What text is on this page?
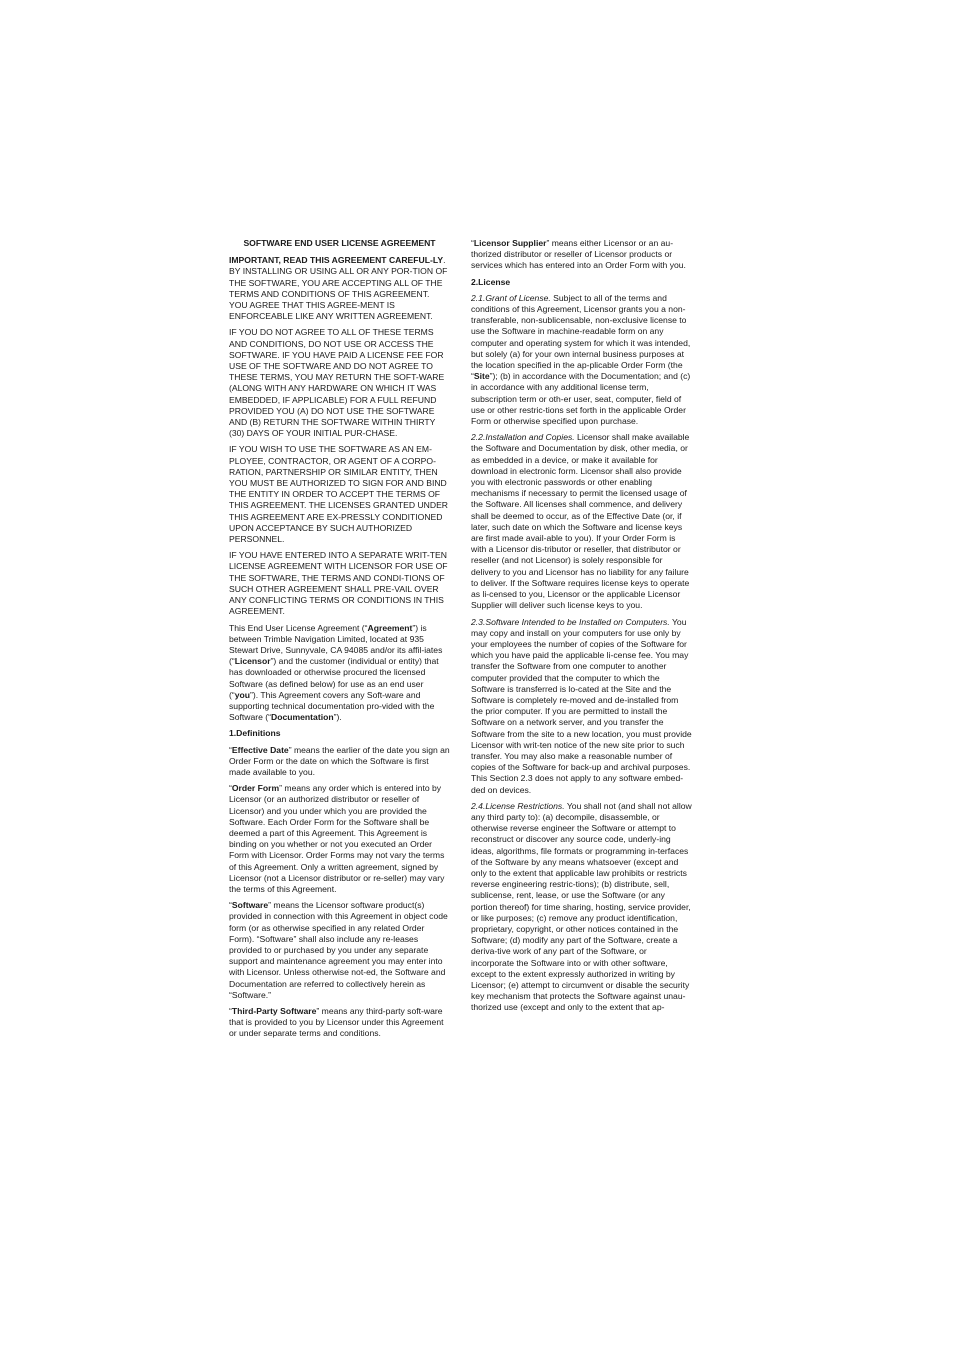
SOFTWARE END USER LICENSE AGREEMENT

IMPORTANT, READ THIS AGREEMENT CAREFUL-LY. BY INSTALLING OR USING ALL OR ANY POR-TION OF THE SOFTWARE, YOU ARE ACCEPTING ALL OF THE TERMS AND CONDITIONS OF THIS AGREEMENT. YOU AGREE THAT THIS AGREE-MENT IS ENFORCEABLE LIKE ANY WRITTEN AGREEMENT.

IF YOU DO NOT AGREE TO ALL OF THESE TERMS AND CONDITIONS, DO NOT USE OR ACCESS THE SOFTWARE. IF YOU HAVE PAID A LICENSE FEE FOR USE OF THE SOFTWARE AND DO NOT AGREE TO THESE TERMS, YOU MAY RETURN THE SOFT-WARE (ALONG WITH ANY HARDWARE ON WHICH IT WAS EMBEDDED, IF APPLICABLE) FOR A FULL REFUND PROVIDED YOU (A) DO NOT USE THE SOFTWARE AND (B) RETURN THE SOFTWARE WITHIN THIRTY (30) DAYS OF YOUR INITIAL PUR-CHASE.

IF YOU WISH TO USE THE SOFTWARE AS AN EM-PLOYEE, CONTRACTOR, OR AGENT OF A CORPO-RATION, PARTNERSHIP OR SIMILAR ENTITY, THEN YOU MUST BE AUTHORIZED TO SIGN FOR AND BIND THE ENTITY IN ORDER TO ACCEPT THE TERMS OF THIS AGREEMENT. THE LICENSES GRANTED UNDER THIS AGREEMENT ARE EX-PRESSLY CONDITIONED UPON ACCEPTANCE BY SUCH AUTHORIZED PERSONNEL.

IF YOU HAVE ENTERED INTO A SEPARATE WRIT-TEN LICENSE AGREEMENT WITH LICENSOR FOR USE OF THE SOFTWARE, THE TERMS AND CONDI-TIONS OF SUCH OTHER AGREEMENT SHALL PRE-VAIL OVER ANY CONFLICTING TERMS OR CONDITIONS IN THIS AGREEMENT.

This End User License Agreement (“Agreement”) is between Trimble Navigation Limited, located at 935 Stewart Drive, Sunnyvale, CA 94085 and/or its affil-iates (“Licensor”) and the customer (individual or entity) that has downloaded or otherwise procured the licensed Software (as defined below) for use as an end user (“you”). This Agreement covers any Soft-ware and supporting technical documentation pro-vided with the Software (“Documentation”).

1.Definitions

“Effective Date” means the earlier of the date you sign an Order Form or the date on which the Software is first made available to you.

“Order Form” means any order which is entered into by Licensor (or an authorized distributor or reseller of Licensor) and you under which you are provided the Software. Each Order Form for the Software shall be deemed a part of this Agreement. This Agreement is binding on you whether or not you executed an Order Form with Licensor. Order Forms may not vary the terms of this Agreement. Only a written agreement, signed by Licensor (not a Licensor distributor or re-seller) may vary the terms of this Agreement.

“Software” means the Licensor software product(s) provided in connection with this Agreement in object code form (or as otherwise specified in any related Order Form). “Software” shall also include any re-leases provided to or purchased by you under any separate support and maintenance agreement you may enter into with Licensor. Unless otherwise not-ed, the Software and Documentation are referred to collectively herein as “Software.”

“Third-Party Software” means any third-party soft-ware that is provided to you by Licensor under this Agreement or under separate terms and conditions.

“Licensor Supplier” means either Licensor or an au-thorized distributor or reseller of Licensor products or services which has entered into an Order Form with you.

2.License

2.1.Grant of License. Subject to all of the terms and conditions of this Agreement, Licensor grants you a non-transferable, non-sublicensable, non-exclusive license to use the Software in machine-readable form on any computer and operating system for which it was intended, but solely (a) for your own internal business purposes at the location specified in the ap-plicable Order Form (the “Site”); (b) in accordance with the Documentation; and (c) in accordance with any additional license term, subscription term or oth-er user, seat, computer, field of use or other restric-tions set forth in the applicable Order Form or otherwise specified upon purchase.

2.2.Installation and Copies. Licensor shall make available the Software and Documentation by disk, other media, or as embedded in a device, or make it available for download in electronic form. Licensor shall also provide you with electronic passwords or other enabling mechanisms if necessary to permit the licensed usage of the Software. All licenses shall commence, and delivery shall be deemed to occur, as of the Effective Date (or, if later, such date on which the Software and license keys are first made avail-able to you). If your Order Form is with a Licensor dis-tributor or reseller, that distributor or reseller (and not Licensor) is solely responsible for delivery to you and Licensor has no liability for any failure to deliver. If the Software requires license keys to operate as li-censed to you, Licensor or the applicable Licensor Supplier will deliver such license keys to you.

2.3.Software Intended to be Installed on Computers. You may copy and install on your computers for use only by your employees the number of copies of the Software for which you have paid the applicable li-cense fee. You may transfer the Software from one computer to another computer provided that the computer to which the Software is transferred is lo-cated at the Site and the Software is completely re-moved and de-installed from the prior computer. If you are permitted to install the Software on a network server, and you transfer the Software from the site to a new location, you must provide Licensor with writ-ten notice of the new site prior to such transfer. You may also make a reasonable number of copies of the Software for back-up and archival purposes. This Section 2.3 does not apply to any software embed-ded on devices.

2.4.License Restrictions. You shall not (and shall not allow any third party to): (a) decompile, disassemble, or otherwise reverse engineer the Software or attempt to reconstruct or discover any source code, underly-ing ideas, algorithms, file formats or programming in-terfaces of the Software by any means whatsoever (except and only to the extent that applicable law prohibits or restricts reverse engineering restric-tions); (b) distribute, sell, sublicense, rent, lease, or use the Software (or any portion thereof) for time sharing, hosting, service provider, or like purposes; (c) remove any product identification, proprietary, copyright, or other notices contained in the Software; (d) modify any part of the Software, create a deriva-tive work of any part of the Software, or incorporate the Software into or with other software, except to the extent expressly authorized in writing by Licensor; (e) attempt to circumvent or disable the security key mechanism that protects the Software against unau-thorized use (except and only to the extent that ap-
